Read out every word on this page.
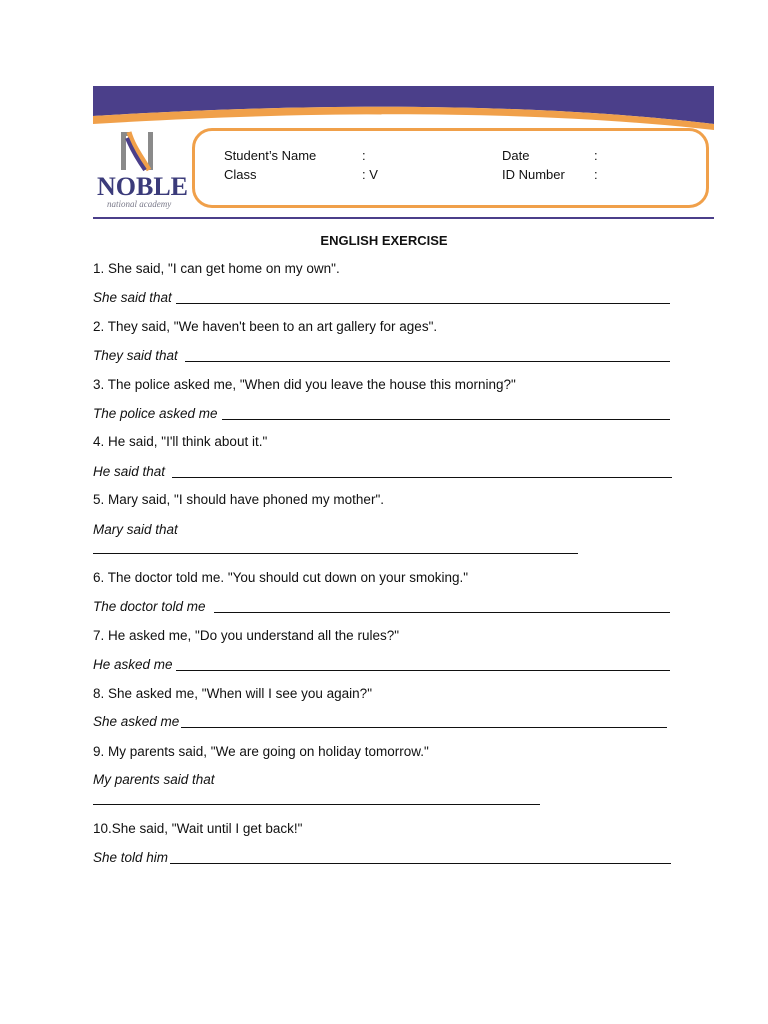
NOBLE
national academy
Student’s Name	:
Class	: V
Date	:
ID Number :
ENGLISH EXERCISE
1. She said, "I can get home on my own".
She said that
2. They said, "We haven't been to an art gallery for ages".
They said that
3. The police asked me, "When did you leave the house this morning?"
The police asked me
4. He said, "I'll think about it."
He said that
5. Mary said, "I should have phoned my mother".
Mary said that
6. The doctor told me. "You should cut down on your smoking."
The doctor told me
7. He asked me, "Do you understand all the rules?"
He asked me
8. She asked me, "When will I see you again?"
She asked me
9. My parents said, "We are going on holiday tomorrow."
My parents said that
10.She said, "Wait until I get back!"
She told him
